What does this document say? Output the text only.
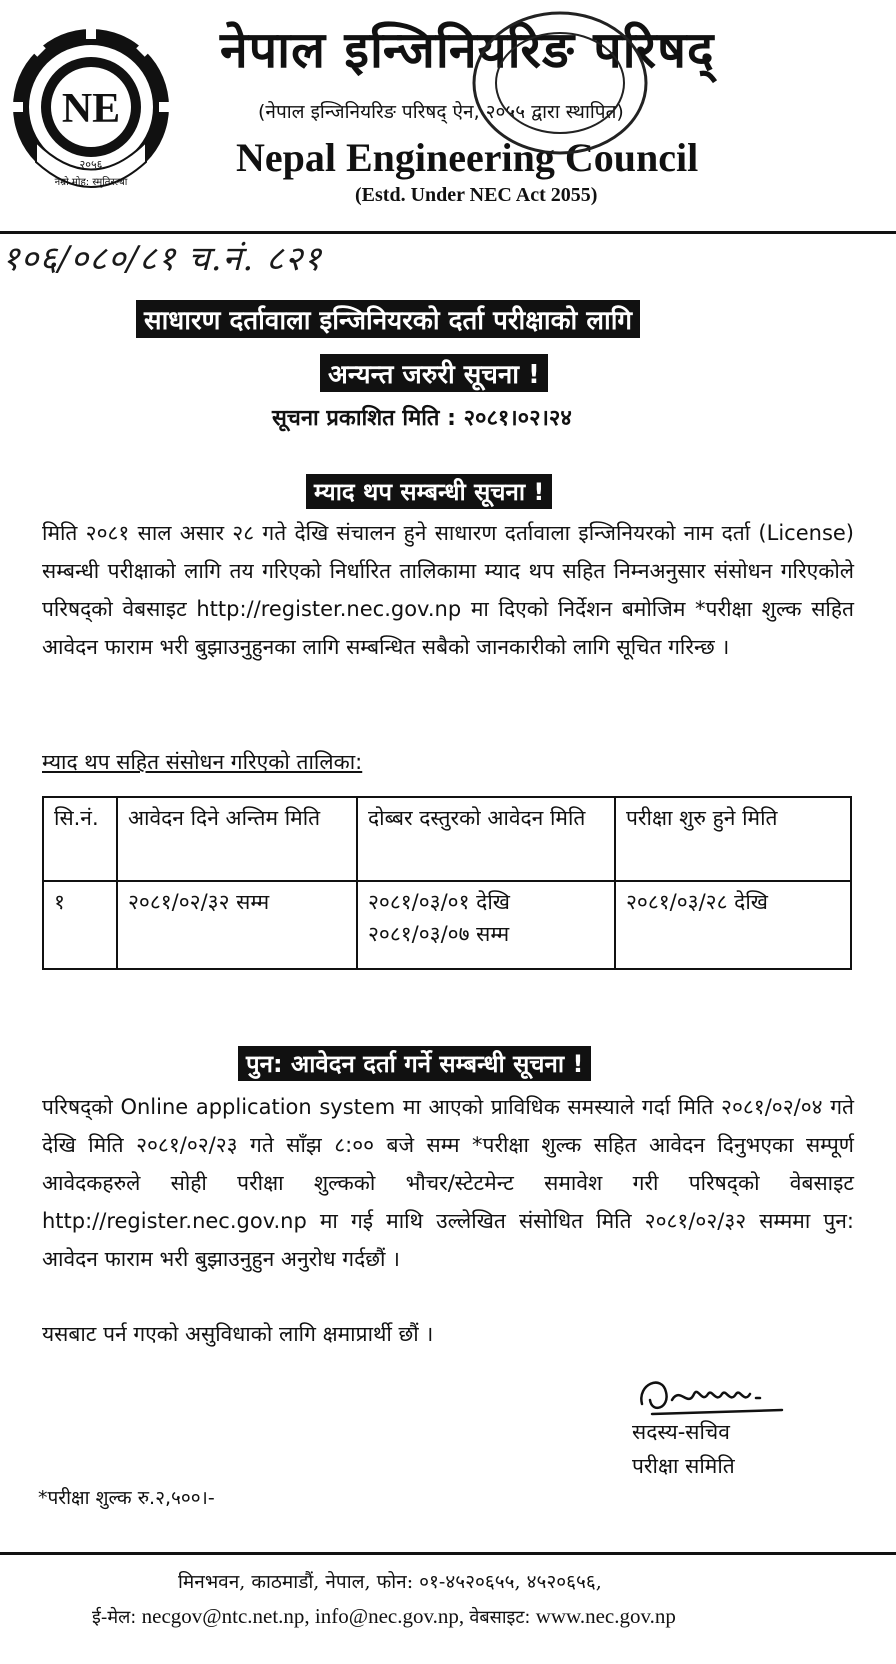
NE
२०५६
नम्रो मोह: स्मृतिरल्बा
नेपाल इन्जिनियरिङ परिषद्
(नेपाल इन्जिनियरिङ परिषद् ऐन, २०५५ द्वारा स्थापित)
Nepal Engineering Council
(Estd. Under NEC Act 2055)
१०६/०८०/८१ च.नं. ८२१
साधारण दर्तावाला इन्जिनियरको दर्ता परीक्षाको लागि
अन्यन्त जरुरी सूचना !
सूचना प्रकाशित मिति : २०८१।०२।२४
म्याद थप सम्बन्धी सूचना !
मिति २०८१ साल असार २८ गते देखि संचालन हुने साधारण दर्तावाला इन्जिनियरको नाम दर्ता (License) सम्बन्धी परीक्षाको लागि तय गरिएको निर्धारित तालिकामा म्याद थप सहित निम्नअनुसार संसोधन गरिएकोले परिषद्को वेबसाइट http://register.nec.gov.np मा दिएको निर्देशन बमोजिम *परीक्षा शुल्क सहित आवेदन फाराम भरी बुझाउनुहुनका लागि सम्बन्धित सबैको जानकारीको लागि सूचित गरिन्छ ।
म्याद थप सहित संसोधन गरिएको तालिका:
सि.नं.	आवेदन दिने अन्तिम मिति	दोब्बर दस्तुरको आवेदन मिति	परीक्षा शुरु हुने मिति
१	२०८१/०२/३२ सम्म	२०८१/०३/०१ देखि २०८१/०३/०७ सम्म	२०८१/०३/२८ देखि
पुन: आवेदन दर्ता गर्ने सम्बन्धी सूचना !
परिषद्को Online application system मा आएको प्राविधिक समस्याले गर्दा मिति २०८१/०२/०४ गते देखि मिति २०८१/०२/२३ गते साँझ ८:०० बजे सम्म *परीक्षा शुल्क सहित आवेदन दिनुभएका सम्पूर्ण आवेदकहरुले सोही परीक्षा शुल्कको भौचर/स्टेटमेन्ट समावेश गरी परिषद्को वेबसाइट http://register.nec.gov.np मा गई माथि उल्लेखित संसोधित मिति २०८१/०२/३२ सम्ममा पुन: आवेदन फाराम भरी बुझाउनुहुन अनुरोध गर्दछौं ।
यसबाट पर्न गएको असुविधाको लागि क्षमाप्रार्थी छौं ।
सदस्य-सचिव
परीक्षा समिति
*परीक्षा शुल्क रु.२,५००।-
मिनभवन, काठमाडौं, नेपाल, फोन: ०१-४५२०६५५, ४५२०६५६,
ई-मेल: necgov@ntc.net.np, info@nec.gov.np, वेबसाइट: www.nec.gov.np
